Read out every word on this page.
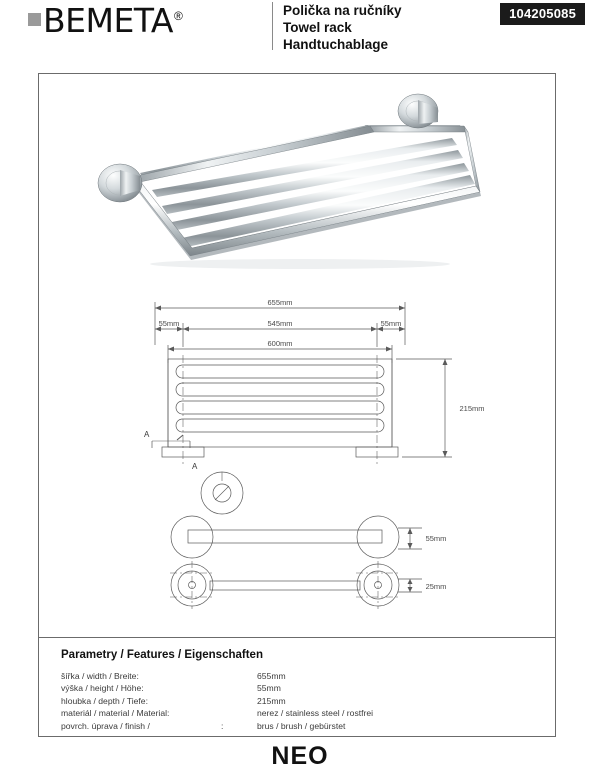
BEMETA®	Polička na ručníky
Towel rack
Handtuchablage
104205085
655mm
55mm	545mm	55mm
600mm
215mm
55mm
25mm
A
A
Parametry / Features / Eigenschaften
šířka / width / Breite:		655mm
výška / height / Höhe:		55mm
hloubka / depth / Tiefe:		215mm
materiál / material / Material:		nerez / stainless steel / rostfrei
povrch. úprava / finish /	:	brus / brush / gebürstet
NEO
